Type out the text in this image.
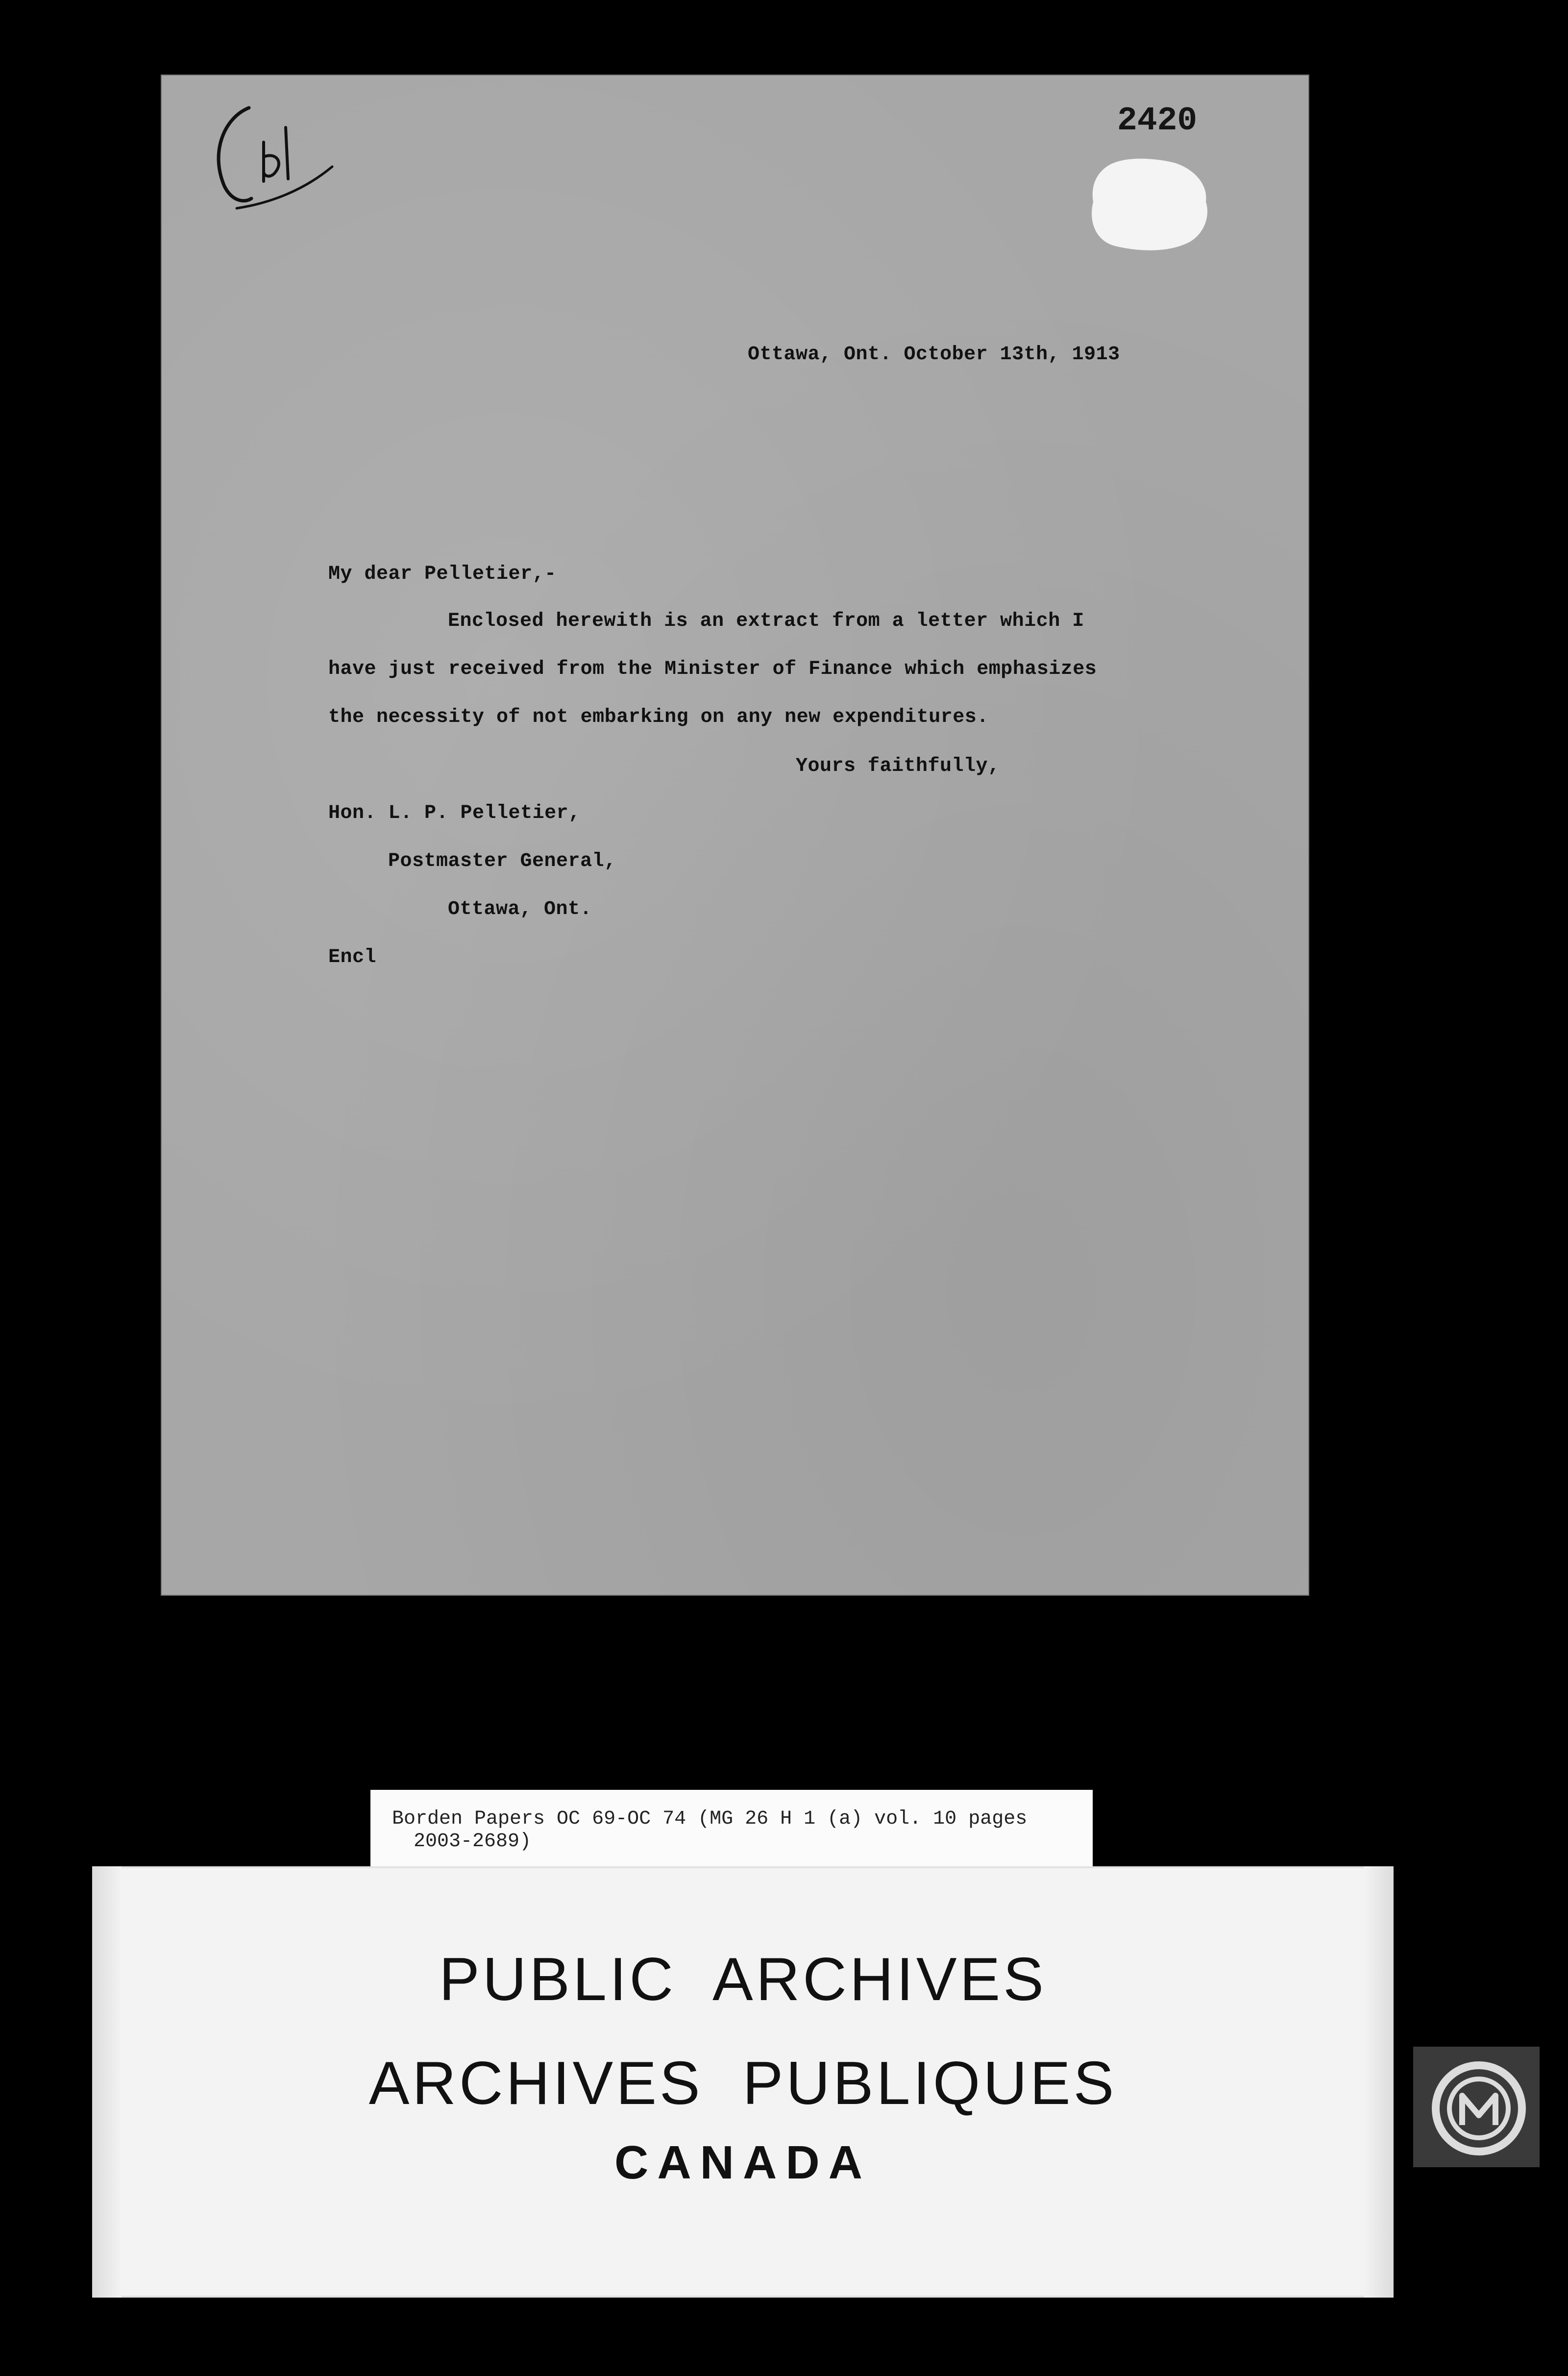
2420
Ottawa, Ont. October 13th, 1913
My dear Pelletier,-
Enclosed herewith is an extract from a letter which I
have just received from the Minister of Finance which emphasizes
the necessity of not embarking on any new expenditures.
Yours faithfully,
Hon. L. P. Pelletier,
Postmaster General,
Ottawa, Ont.
Encl
Borden Papers OC 69-OC 74 (MG 26 H 1 (a) vol. 10 pages
2003-2689)
PUBLIC  ARCHIVES
ARCHIVES  PUBLIQUES
CANADA
